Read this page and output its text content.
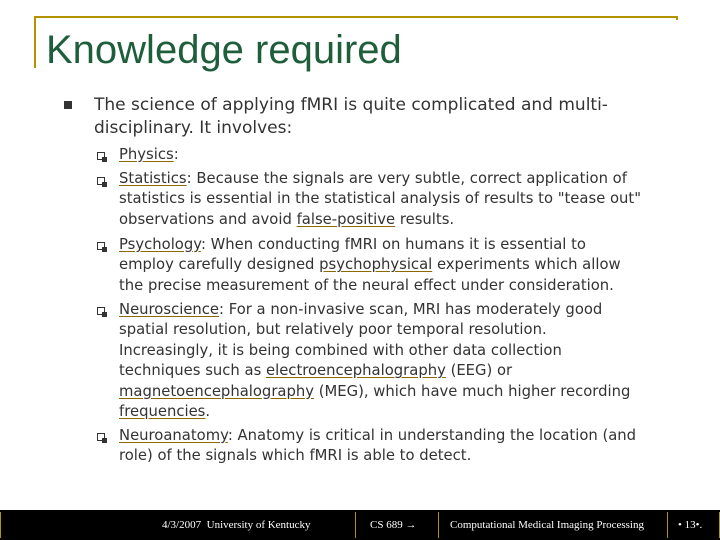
Knowledge required
The science of applying fMRI is quite complicated and multi-
disciplinary. It involves:
Physics:
Statistics: Because the signals are very subtle, correct application of
statistics is essential in the statistical analysis of results to "tease out"
observations and avoid false-positive results.
Psychology: When conducting fMRI on humans it is essential to
employ carefully designed psychophysical experiments which allow
the precise measurement of the neural effect under consideration.
Neuroscience: For a non-invasive scan, MRI has moderately good
spatial resolution, but relatively poor temporal resolution.
Increasingly, it is being combined with other data collection
techniques such as electroencephalography (EEG) or
magnetoencephalography (MEG), which have much higher recording
frequencies.
Neuroanatomy: Anatomy is critical in understanding the location (and
role) of the signals which fMRI is able to detect.
4/3/2007 University of Kentucky	CS 689 →	Computational Medical Imaging Processing	• 13•.
